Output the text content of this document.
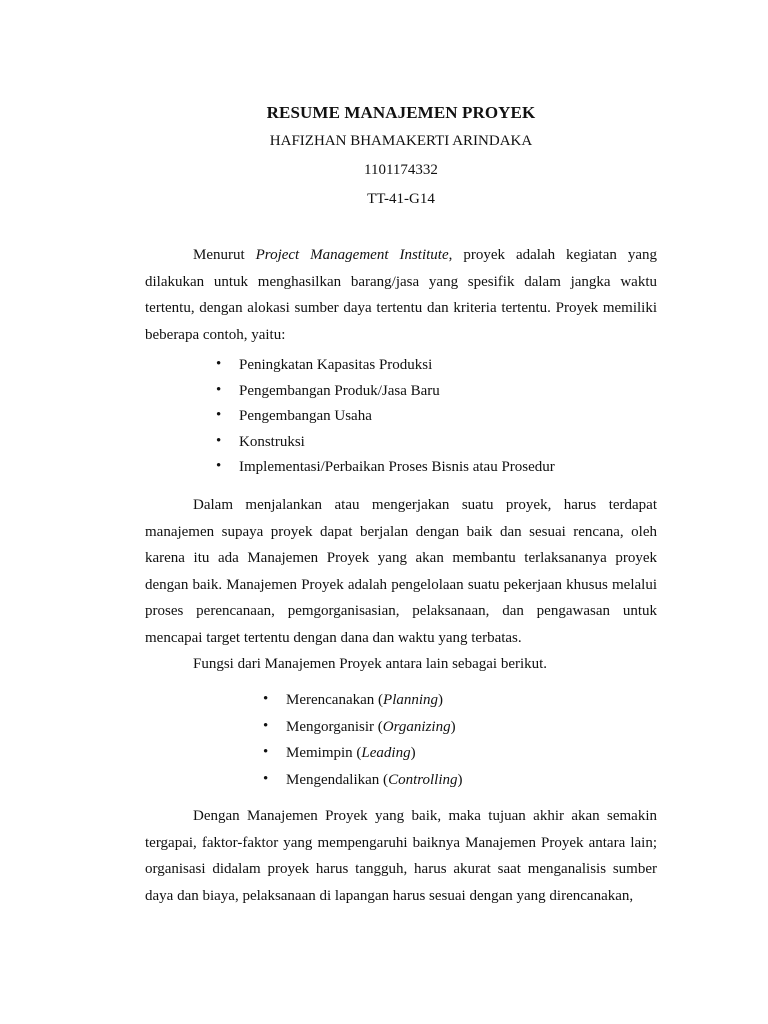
RESUME MANAJEMEN PROYEK
HAFIZHAN BHAMAKERTI ARINDAKA
1101174332
TT-41-G14

Menurut Project Management Institute, proyek adalah kegiatan yang dilakukan untuk menghasilkan barang/jasa yang spesifik dalam jangka waktu tertentu, dengan alokasi sumber daya tertentu dan kriteria tertentu. Proyek memiliki beberapa contoh, yaitu:

• Peningkatan Kapasitas Produksi
• Pengembangan Produk/Jasa Baru
• Pengembangan Usaha
• Konstruksi
• Implementasi/Perbaikan Proses Bisnis atau Prosedur

Dalam menjalankan atau mengerjakan suatu proyek, harus terdapat manajemen supaya proyek dapat berjalan dengan baik dan sesuai rencana, oleh karena itu ada Manajemen Proyek yang akan membantu terlaksananya proyek dengan baik. Manajemen Proyek adalah pengelolaan suatu pekerjaan khusus melalui proses perencanaan, pemgorganisasian, pelaksanaan, dan pengawasan untuk mencapai target tertentu dengan dana dan waktu yang terbatas.

Fungsi dari Manajemen Proyek antara lain sebagai berikut.

• Merencanakan (Planning)
• Mengorganisir (Organizing)
• Memimpin (Leading)
• Mengendalikan (Controlling)

Dengan Manajemen Proyek yang baik, maka tujuan akhir akan semakin tergapai, faktor-faktor yang mempengaruhi baiknya Manajemen Proyek antara lain; organisasi didalam proyek harus tangguh, harus akurat saat menganalisis sumber daya dan biaya, pelaksanaan di lapangan harus sesuai dengan yang direncanakan,
